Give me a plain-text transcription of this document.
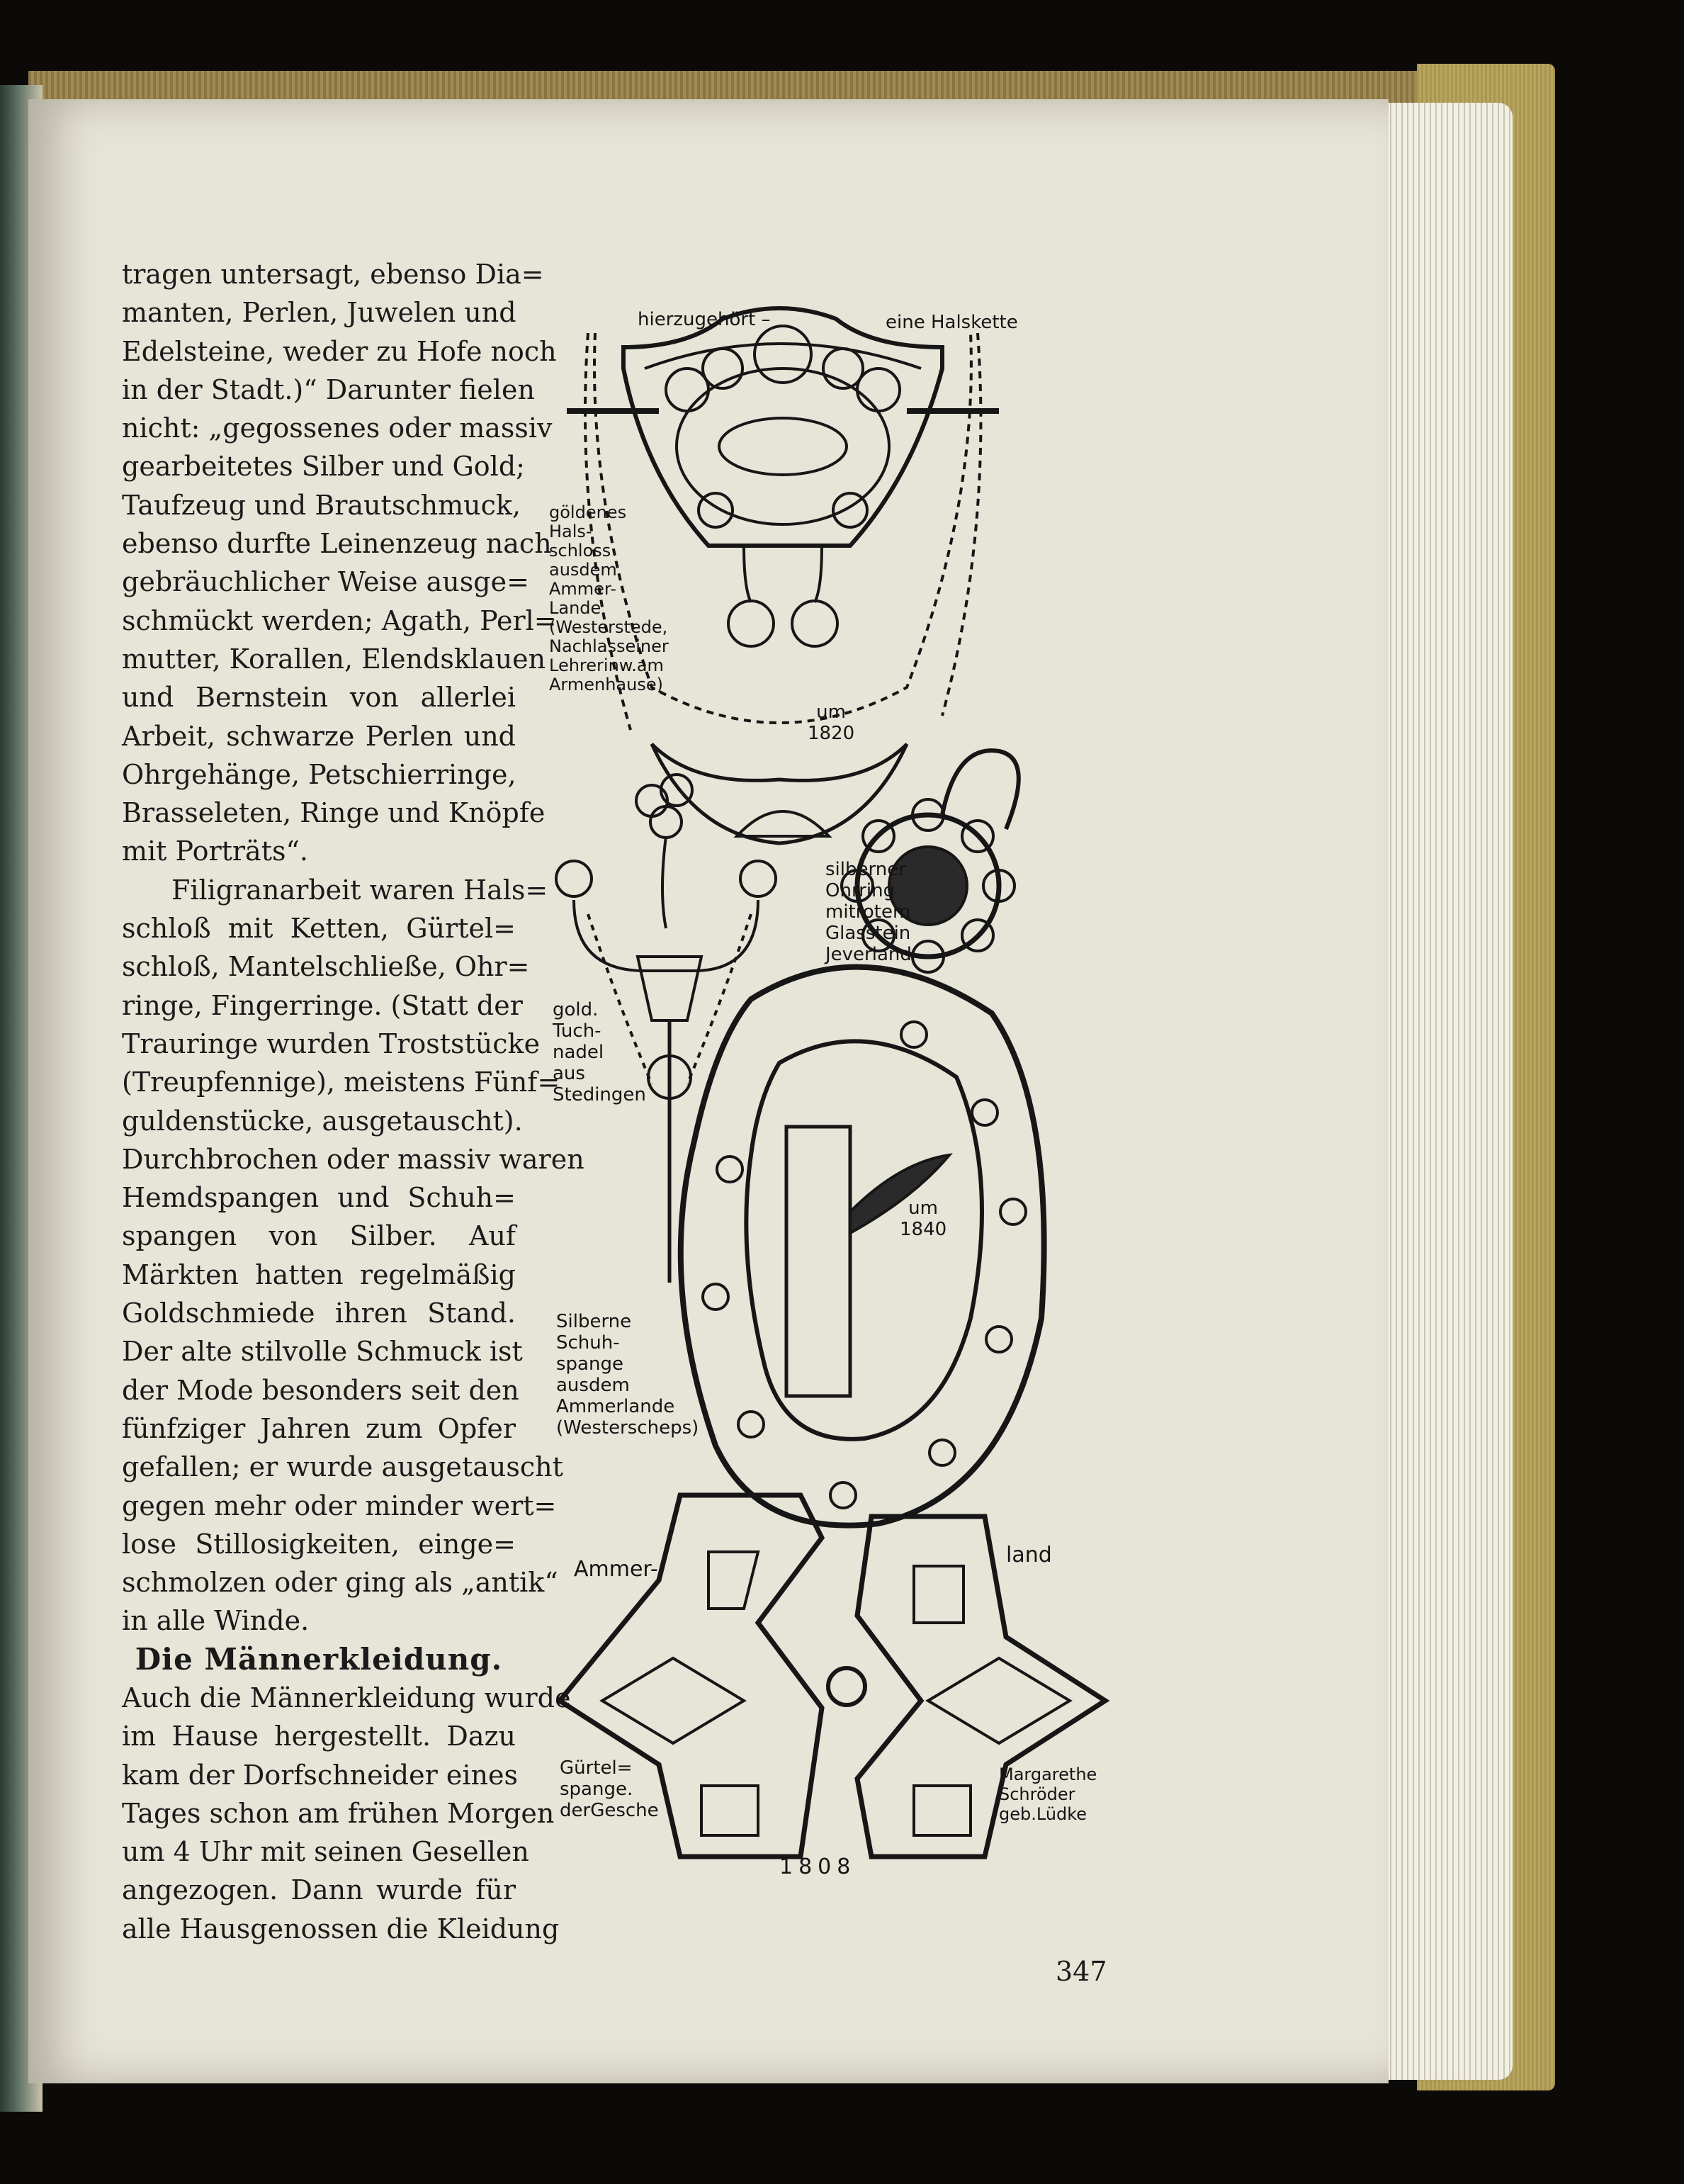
tragen untersagt, ebenso Dia=
manten, Perlen, Juwelen und
Edelsteine, weder zu Hofe noch
in der Stadt.)“ Darunter fielen
nicht: „gegossenes oder massiv
gearbeitetes Silber und Gold;
Taufzeug und Brautschmuck,
ebenso durfte Leinenzeug nach
gebräuchlicher Weise ausge=
schmückt werden; Agath, Perl=
mutter, Korallen, Elendsklauen
und Bernstein von allerlei
Arbeit, schwarze Perlen und
Ohrgehänge, Petschierringe,
Brasseleten, Ringe und Knöpfe
mit Porträts“.
Filigranarbeit waren Hals=
schloß mit Ketten, Gürtel=
schloß, Mantelschließe, Ohr=
ringe, Fingerringe. (Statt der
Trauringe wurden Troststücke
(Treupfennige), meistens Fünf=
guldenstücke, ausgetauscht).
Durchbrochen oder massiv waren
Hemdspangen und Schuh=
spangen von Silber. Auf
Märkten hatten regelmäßig
Goldschmiede ihren Stand.
Der alte stilvolle Schmuck ist
der Mode besonders seit den
fünfziger Jahren zum Opfer
gefallen; er wurde ausgetauscht
gegen mehr oder minder wert=
lose Stillosigkeiten, einge=
schmolzen oder ging als „antik“
in alle Winde.
Die Männerkleidung.
Auch die Männerkleidung wurde
im Hause hergestellt. Dazu
kam der Dorfschneider eines
Tages schon am frühen Morgen
um 4 Uhr mit seinen Gesellen
angezogen. Dann wurde für
alle Hausgenossen die Kleidung
hierzugehört –	eine Halskette
göldenes
Hals-
schloss
ausdem
Ammer-
Lande
(Westerstede,
Nachlasseiner
Lehrerinw.am
Armenhause)
um
1820
silberner
Ohrring
mitrotem
Glasstein
Jeverland
gold.
Tuch-
nadel
aus
Stedingen
um
1840
Silberne
Schuh-
spange
ausdem
Ammerlande
(Westerscheps)
Ammer-
land
Gürtel=
spange.
derGesche
Margarethe
Schröder
geb.Lüdke
1808
347
